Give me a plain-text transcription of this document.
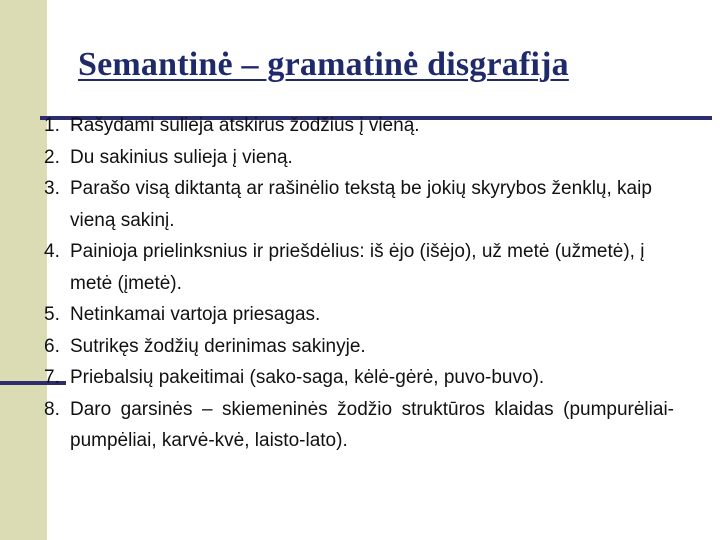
Semantinė – gramatinė disgrafija
1. Rašydami sulieja atskirus žodžius į vieną.
2. Du sakinius sulieja į vieną.
3. Parašo visą diktantą ar rašinėlio tekstą be jokių skyrybos ženklų, kaip vieną sakinį.
4. Painioja prielinksnius ir priešdėlius: iš ėjo (išėjo), už metė (užmetė), į metė (įmetė).
5. Netinkamai vartoja priesagas.
6. Sutrikęs žodžių derinimas sakinyje.
7. Priebalsių pakeitimai (sako-saga, kėlė-gėrė, puvo-buvo).
8. Daro garsinės – skiemeninės žodžio struktūros klaidas (pumpurėliai-pumpėliai, karvė-kvė, laisto-lato).
